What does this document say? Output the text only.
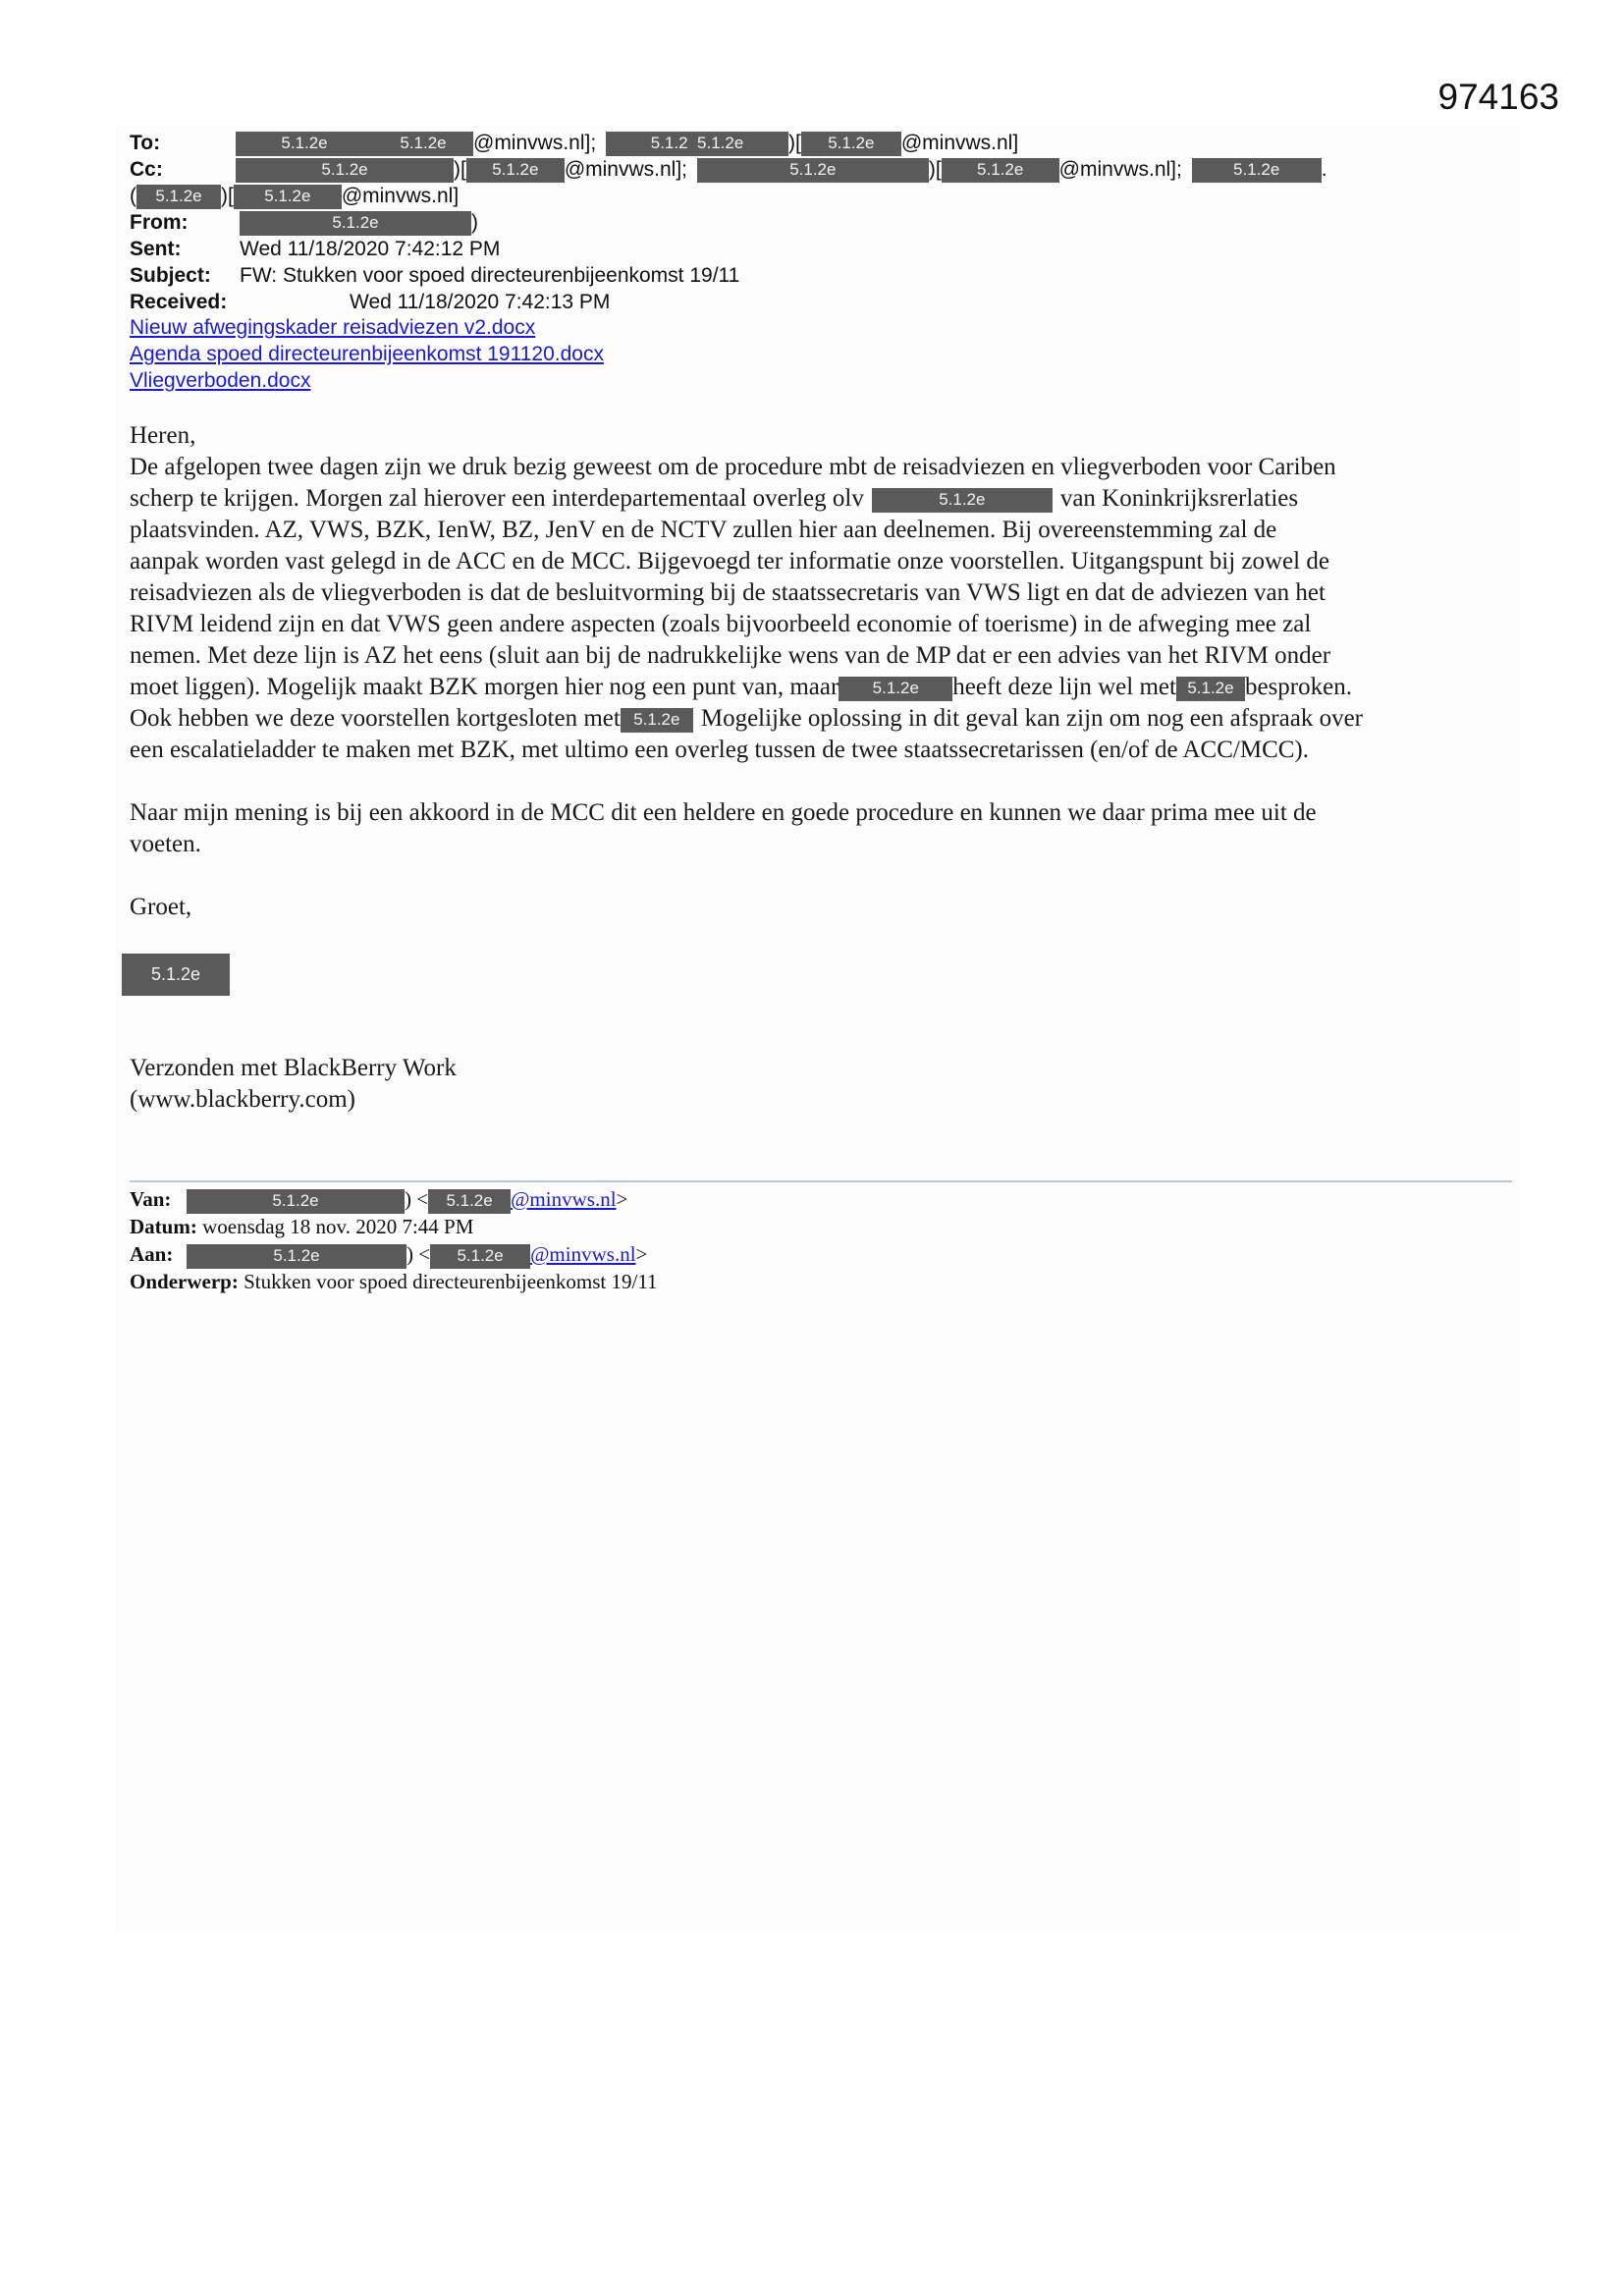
974163
To:	5.1.2e	5.1.2e @minvws.nl];	5.1.2 5.1.2e )[ 5.1.2e @minvws.nl]
Cc:	5.1.2e	)[ 5.1.2e @minvws.nl];	5.1.2e	)[ 5.1.2e @minvws.nl];	5.1.2e .
( 5.1.2e )[ 5.1.2e @minvws.nl]
From:	5.1.2e	)
Sent:	Wed 11/18/2020 7:42:12 PM
Subject: FW: Stukken voor spoed directeurenbijeenkomst 19/11
Received:	Wed 11/18/2020 7:42:13 PM
Nieuw afwegingskader reisadviezen v2.docx
Agenda spoed directeurenbijeenkomst 191120.docx
Vliegverboden.docx
Heren,
De afgelopen twee dagen zijn we druk bezig geweest om de procedure mbt de reisadviezen en vliegverboden voor Cariben
scherp te krijgen. Morgen zal hierover een interdepartementaal overleg olv	5.1.2e	van Koninkrijksrerlaties
plaatsvinden. AZ, VWS, BZK, IenW, BZ, JenV en de NCTV zullen hier aan deelnemen. Bij overeenstemming zal de
aanpak worden vast gelegd in de ACC en de MCC. Bijgevoegd ter informatie onze voorstellen. Uitgangspunt bij zowel de
reisadviezen als de vliegverboden is dat de besluitvorming bij de staatssecretaris van VWS ligt en dat de adviezen van het
RIVM leidend zijn en dat VWS geen andere aspecten (zoals bijvoorbeeld economie of toerisme) in de afweging mee zal
nemen. Met deze lijn is AZ het eens (sluit aan bij de nadrukkelijke wens van de MP dat er een advies van het RIVM onder
moet liggen). Mogelijk maakt BZK morgen hier nog een punt van, maar 5.1.2e heeft deze lijn wel met 5.1.2e besproken.
Ook hebben we deze voorstellen kortgesloten met 5.1.2e Mogelijke oplossing in dit geval kan zijn om nog een afspraak over
een escalatieladder te maken met BZK, met ultimo een overleg tussen de twee staatssecretarissen (en/of de ACC/MCC).
Naar mijn mening is bij een akkoord in de MCC dit een heldere en goede procedure en kunnen we daar prima mee uit de
voeten.
Groet,
5.1.2e
Verzonden met BlackBerry Work
(www.blackberry.com)
Van:	5.1.2e	) < 5.1.2e @minvws.nl>
Datum: woensdag 18 nov. 2020 7:44 PM
Aan:	5.1.2e	) < 5.1.2e @minvws.nl>
Onderwerp: Stukken voor spoed directeurenbijeenkomst 19/11
